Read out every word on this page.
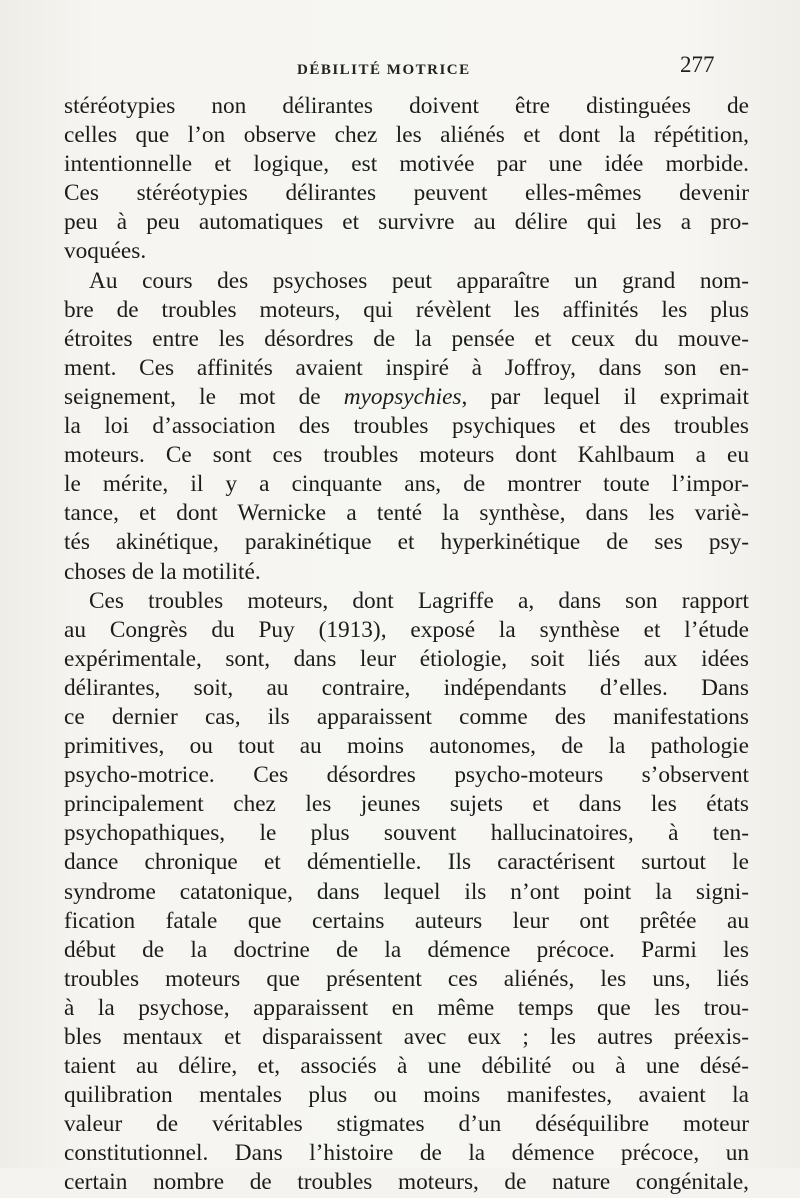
DÉBILITÉ MOTRICE	277
stéréotypies non délirantes doivent être distinguées de
celles que l’on observe chez les aliénés et dont la répétition,
intentionnelle et logique, est motivée par une idée morbide.
Ces stéréotypies délirantes peuvent elles-mêmes devenir
peu à peu automatiques et survivre au délire qui les a pro-
voquées.
Au cours des psychoses peut apparaître un grand nom-
bre de troubles moteurs, qui révèlent les affinités les plus
étroites entre les désordres de la pensée et ceux du mouve-
ment. Ces affinités avaient inspiré à Joffroy, dans son en-
seignement, le mot de myopsychies, par lequel il exprimait
la loi d’association des troubles psychiques et des troubles
moteurs. Ce sont ces troubles moteurs dont Kahlbaum a eu
le mérite, il y a cinquante ans, de montrer toute l’impor-
tance, et dont Wernicke a tenté la synthèse, dans les variè-
tés akinétique, parakinétique et hyperkinétique de ses psy-
choses de la motilité.
Ces troubles moteurs, dont Lagriffe a, dans son rapport
au Congrès du Puy (1913), exposé la synthèse et l’étude
expérimentale, sont, dans leur étiologie, soit liés aux idées
délirantes, soit, au contraire, indépendants d’elles. Dans
ce dernier cas, ils apparaissent comme des manifestations
primitives, ou tout au moins autonomes, de la pathologie
psycho-motrice. Ces désordres psycho-moteurs s’observent
principalement chez les jeunes sujets et dans les états
psychopathiques, le plus souvent hallucinatoires, à ten-
dance chronique et démentielle. Ils caractérisent surtout le
syndrome catatonique, dans lequel ils n’ont point la signi-
fication fatale que certains auteurs leur ont prêtée au
début de la doctrine de la démence précoce. Parmi les
troubles moteurs que présentent ces aliénés, les uns, liés
à la psychose, apparaissent en même temps que les trou-
bles mentaux et disparaissent avec eux ; les autres préexis-
taient au délire, et, associés à une débilité ou à une désé-
quilibration mentales plus ou moins manifestes, avaient la
valeur de véritables stigmates d’un déséquilibre moteur
constitutionnel. Dans l’histoire de la démence précoce, un
certain nombre de troubles moteurs, de nature congénitale,
